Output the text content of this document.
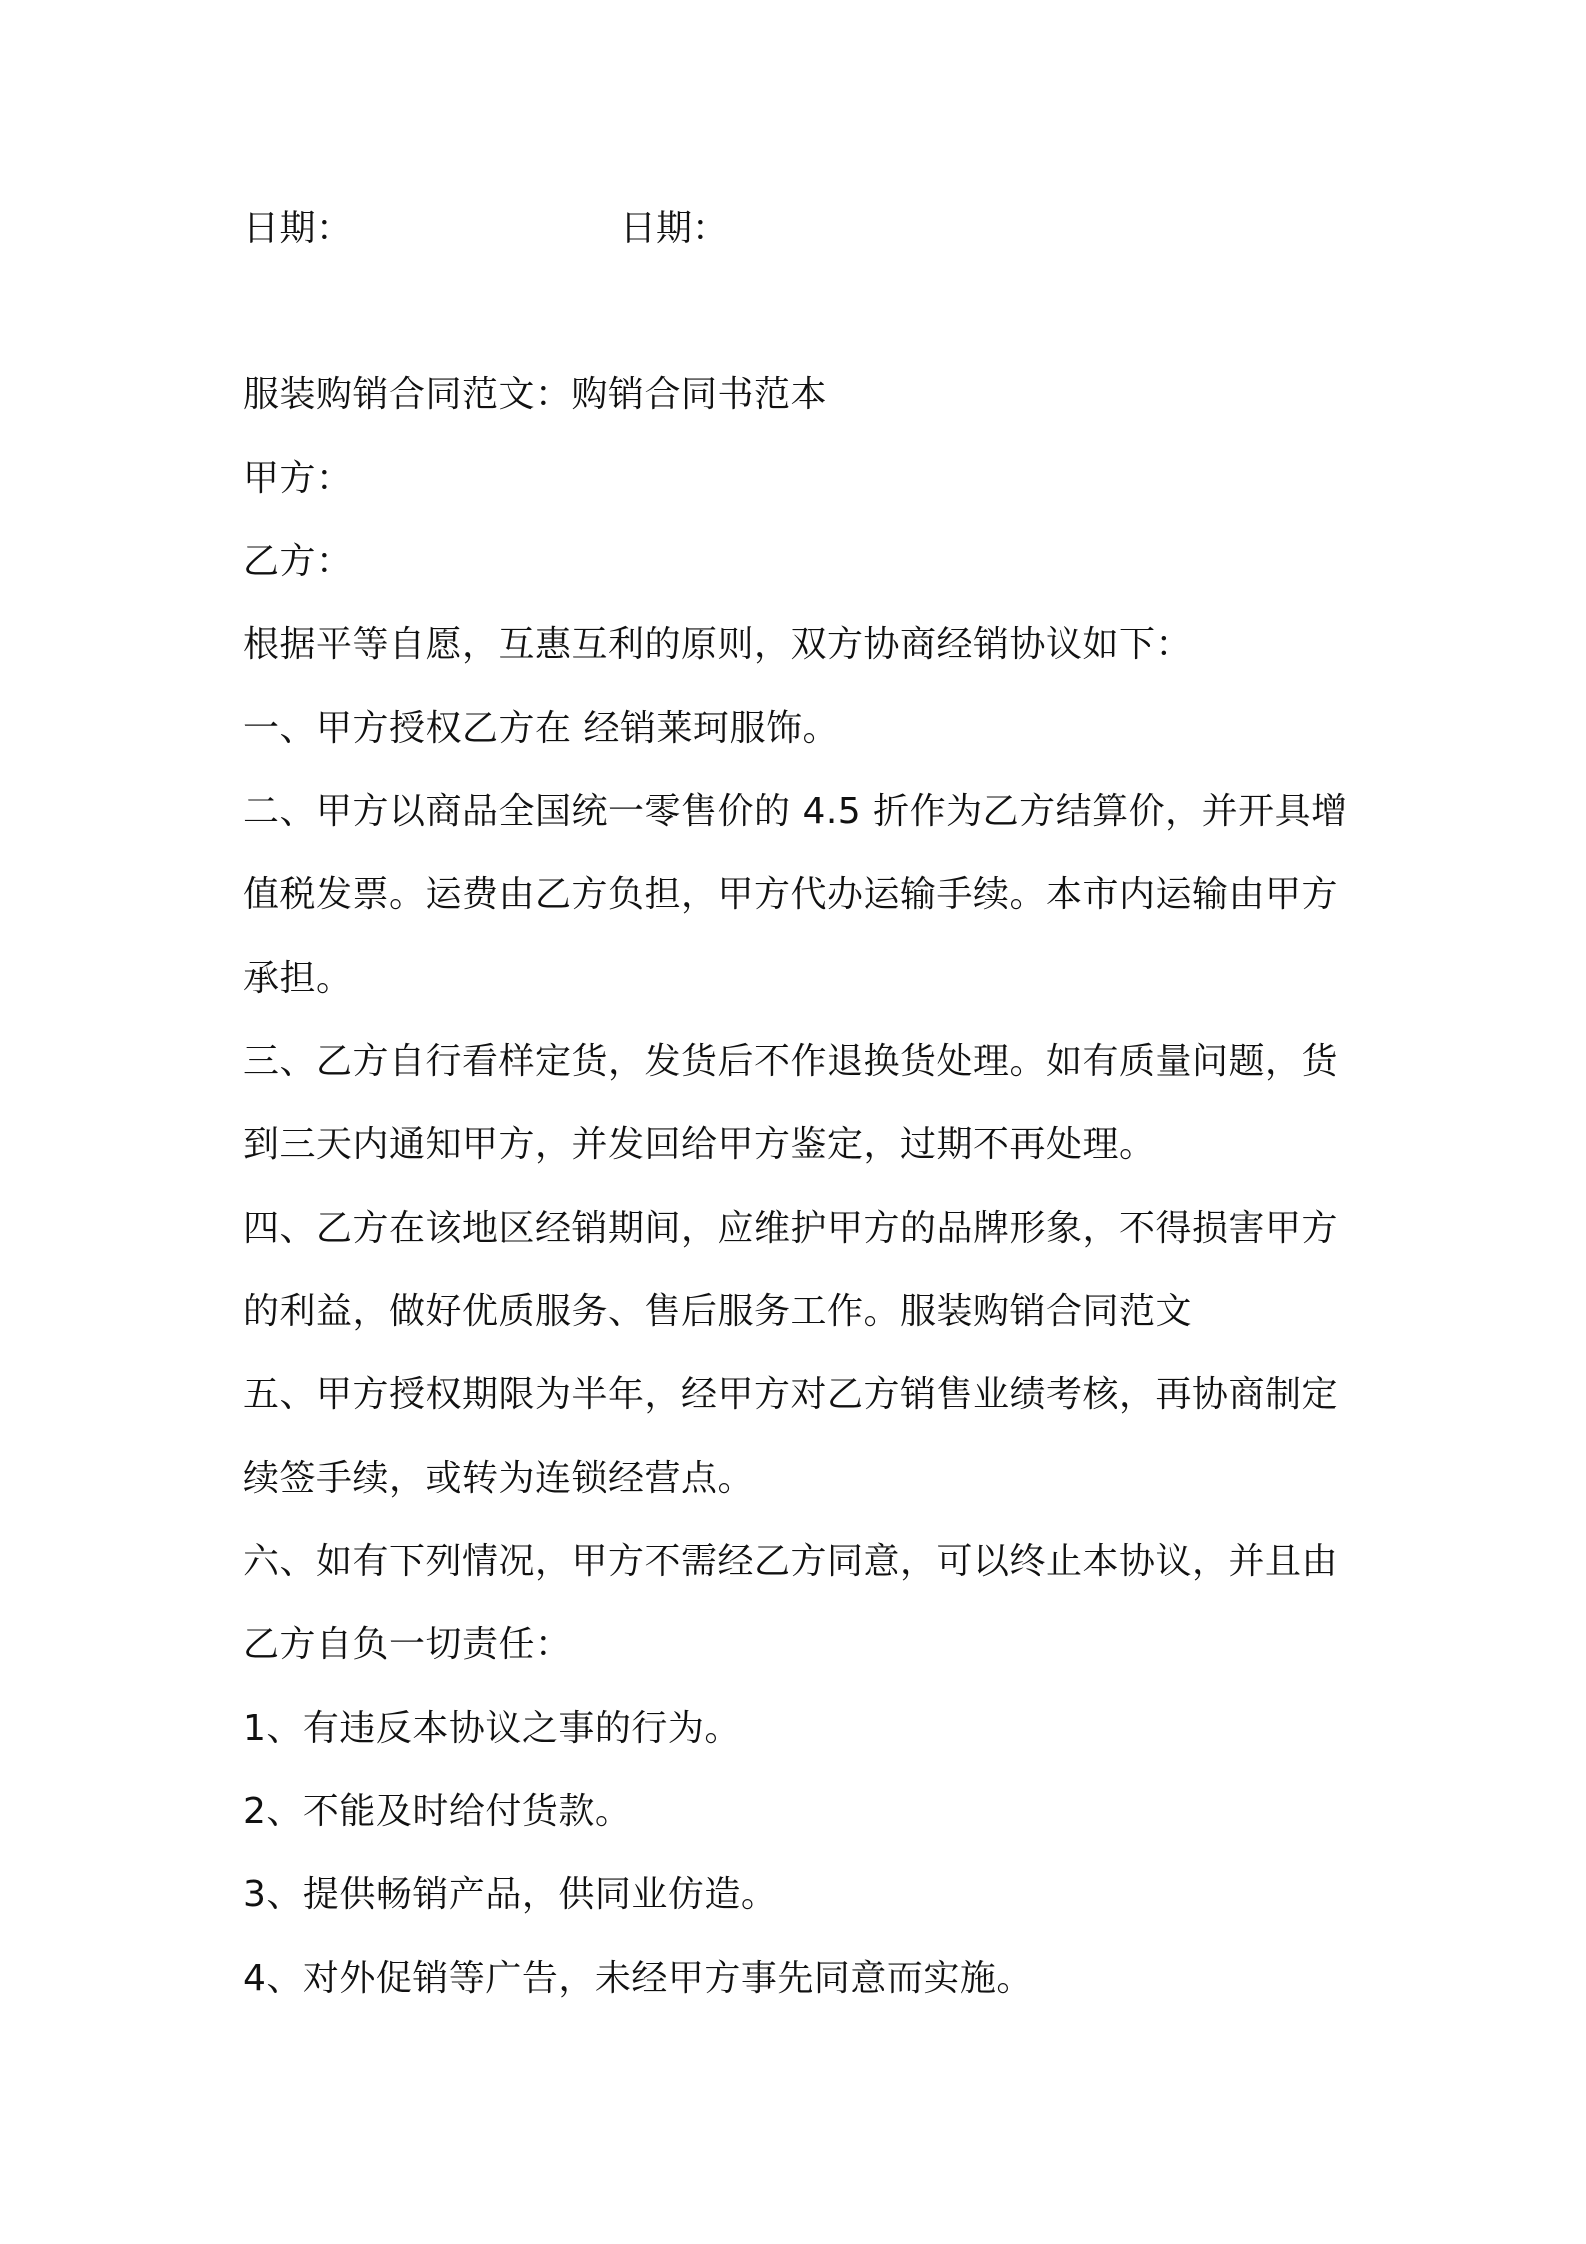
日期：	日期：
服装购销合同范文：购销合同书范本
甲方：
乙方：
根据平等自愿，互惠互利的原则，双方协商经销协议如下：
一、甲方授权乙方在 经销莱珂服饰。
二、甲方以商品全国统一零售价的 4.5 折作为乙方结算价，并开具增
值税发票。运费由乙方负担，甲方代办运输手续。本市内运输由甲方
承担。
三、乙方自行看样定货，发货后不作退换货处理。如有质量问题，货
到三天内通知甲方，并发回给甲方鉴定，过期不再处理。
四、乙方在该地区经销期间，应维护甲方的品牌形象，不得损害甲方
的利益，做好优质服务、售后服务工作。服装购销合同范文
五、甲方授权期限为半年，经甲方对乙方销售业绩考核，再协商制定
续签手续，或转为连锁经营点。
六、如有下列情况，甲方不需经乙方同意，可以终止本协议，并且由
乙方自负一切责任：
1、有违反本协议之事的行为。
2、不能及时给付货款。
3、提供畅销产品，供同业仿造。
4、对外促销等广告，未经甲方事先同意而实施。
